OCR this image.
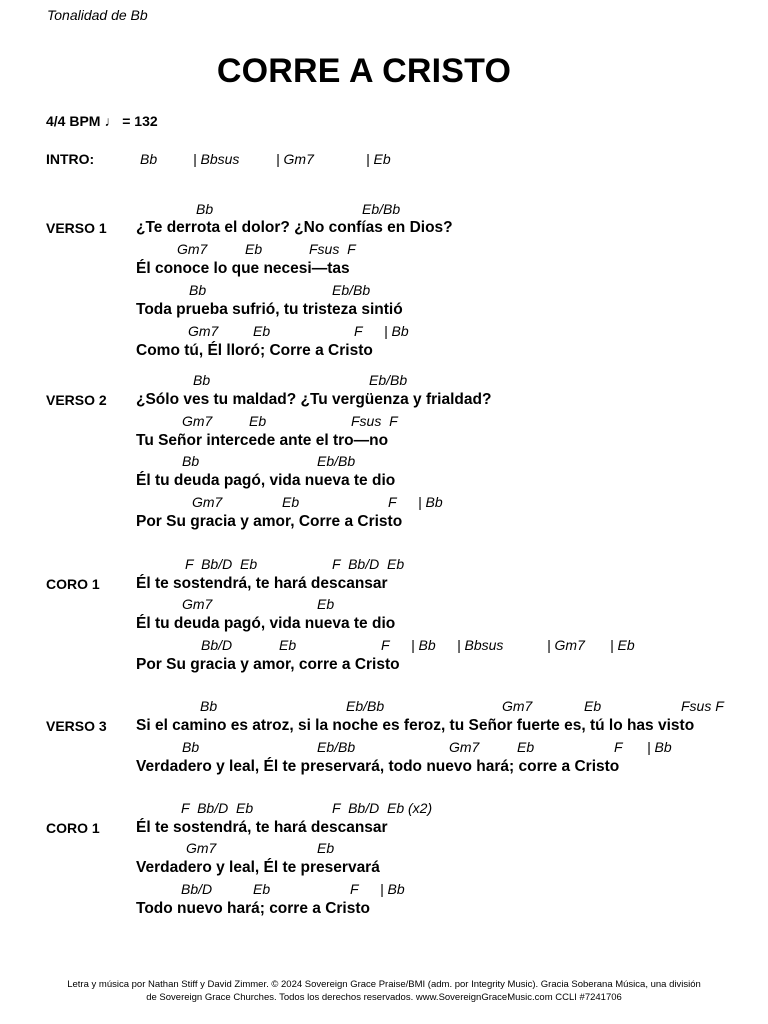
Tonalidad de Bb
CORRE A CRISTO
4/4 BPM ♩ = 132
INTRO:	Bb	| Bbsus	| Gm7	| Eb
VERSO 1
Bb	Eb/Bb
¿Te derrota el dolor? ¿No confías en Dios?
Gm7	Eb	Fsus  F
Él conoce lo que necesi—tas
Bb	Eb/Bb
Toda prueba sufrió, tu tristeza sintió
Gm7 Eb	F | Bb
Como tú, Él lloró; Corre a Cristo
VERSO 2
Bb	Eb/Bb
¿Sólo ves tu maldad? ¿Tu vergüenza y frialdad?
Gm7	Eb	Fsus  F
Tu Señor intercede ante el tro—no
Bb	Eb/Bb
Él tu deuda pagó, vida nueva te dio
Gm7	Eb	F | Bb
Por Su gracia y amor, Corre a Cristo
CORO 1
F  Bb/D  Eb	F  Bb/D  Eb
Él te sostendrá, te hará descansar
Gm7	Eb
Él tu deuda pagó, vida nueva te dio
Bb/D	Eb	F | Bb | Bbsus	| Gm7 | Eb
Por Su gracia y amor, corre a Cristo
VERSO 3
Bb	Eb/Bb	Gm7	Eb	Fsus F
Si el camino es atroz, si la noche es feroz, tu Señor fuerte es, tú lo has visto
Bb	Eb/Bb	Gm7	Eb	F | Bb
Verdadero y leal, Él te preservará, todo nuevo hará; corre a Cristo
CORO 1
F  Bb/D  Eb	F  Bb/D  Eb (x2)
Él te sostendrá, te hará descansar
Gm7	Eb
Verdadero y leal, Él te preservará
Bb/D	Eb	F | Bb
Todo nuevo hará; corre a Cristo
Letra y música por Nathan Stiff y David Zimmer. © 2024 Sovereign Grace Praise/BMI (adm. por Integrity Music). Gracia Soberana Música, una división
de Sovereign Grace Churches. Todos los derechos reservados. www.SovereignGraceMusic.com CCLI #7241706
